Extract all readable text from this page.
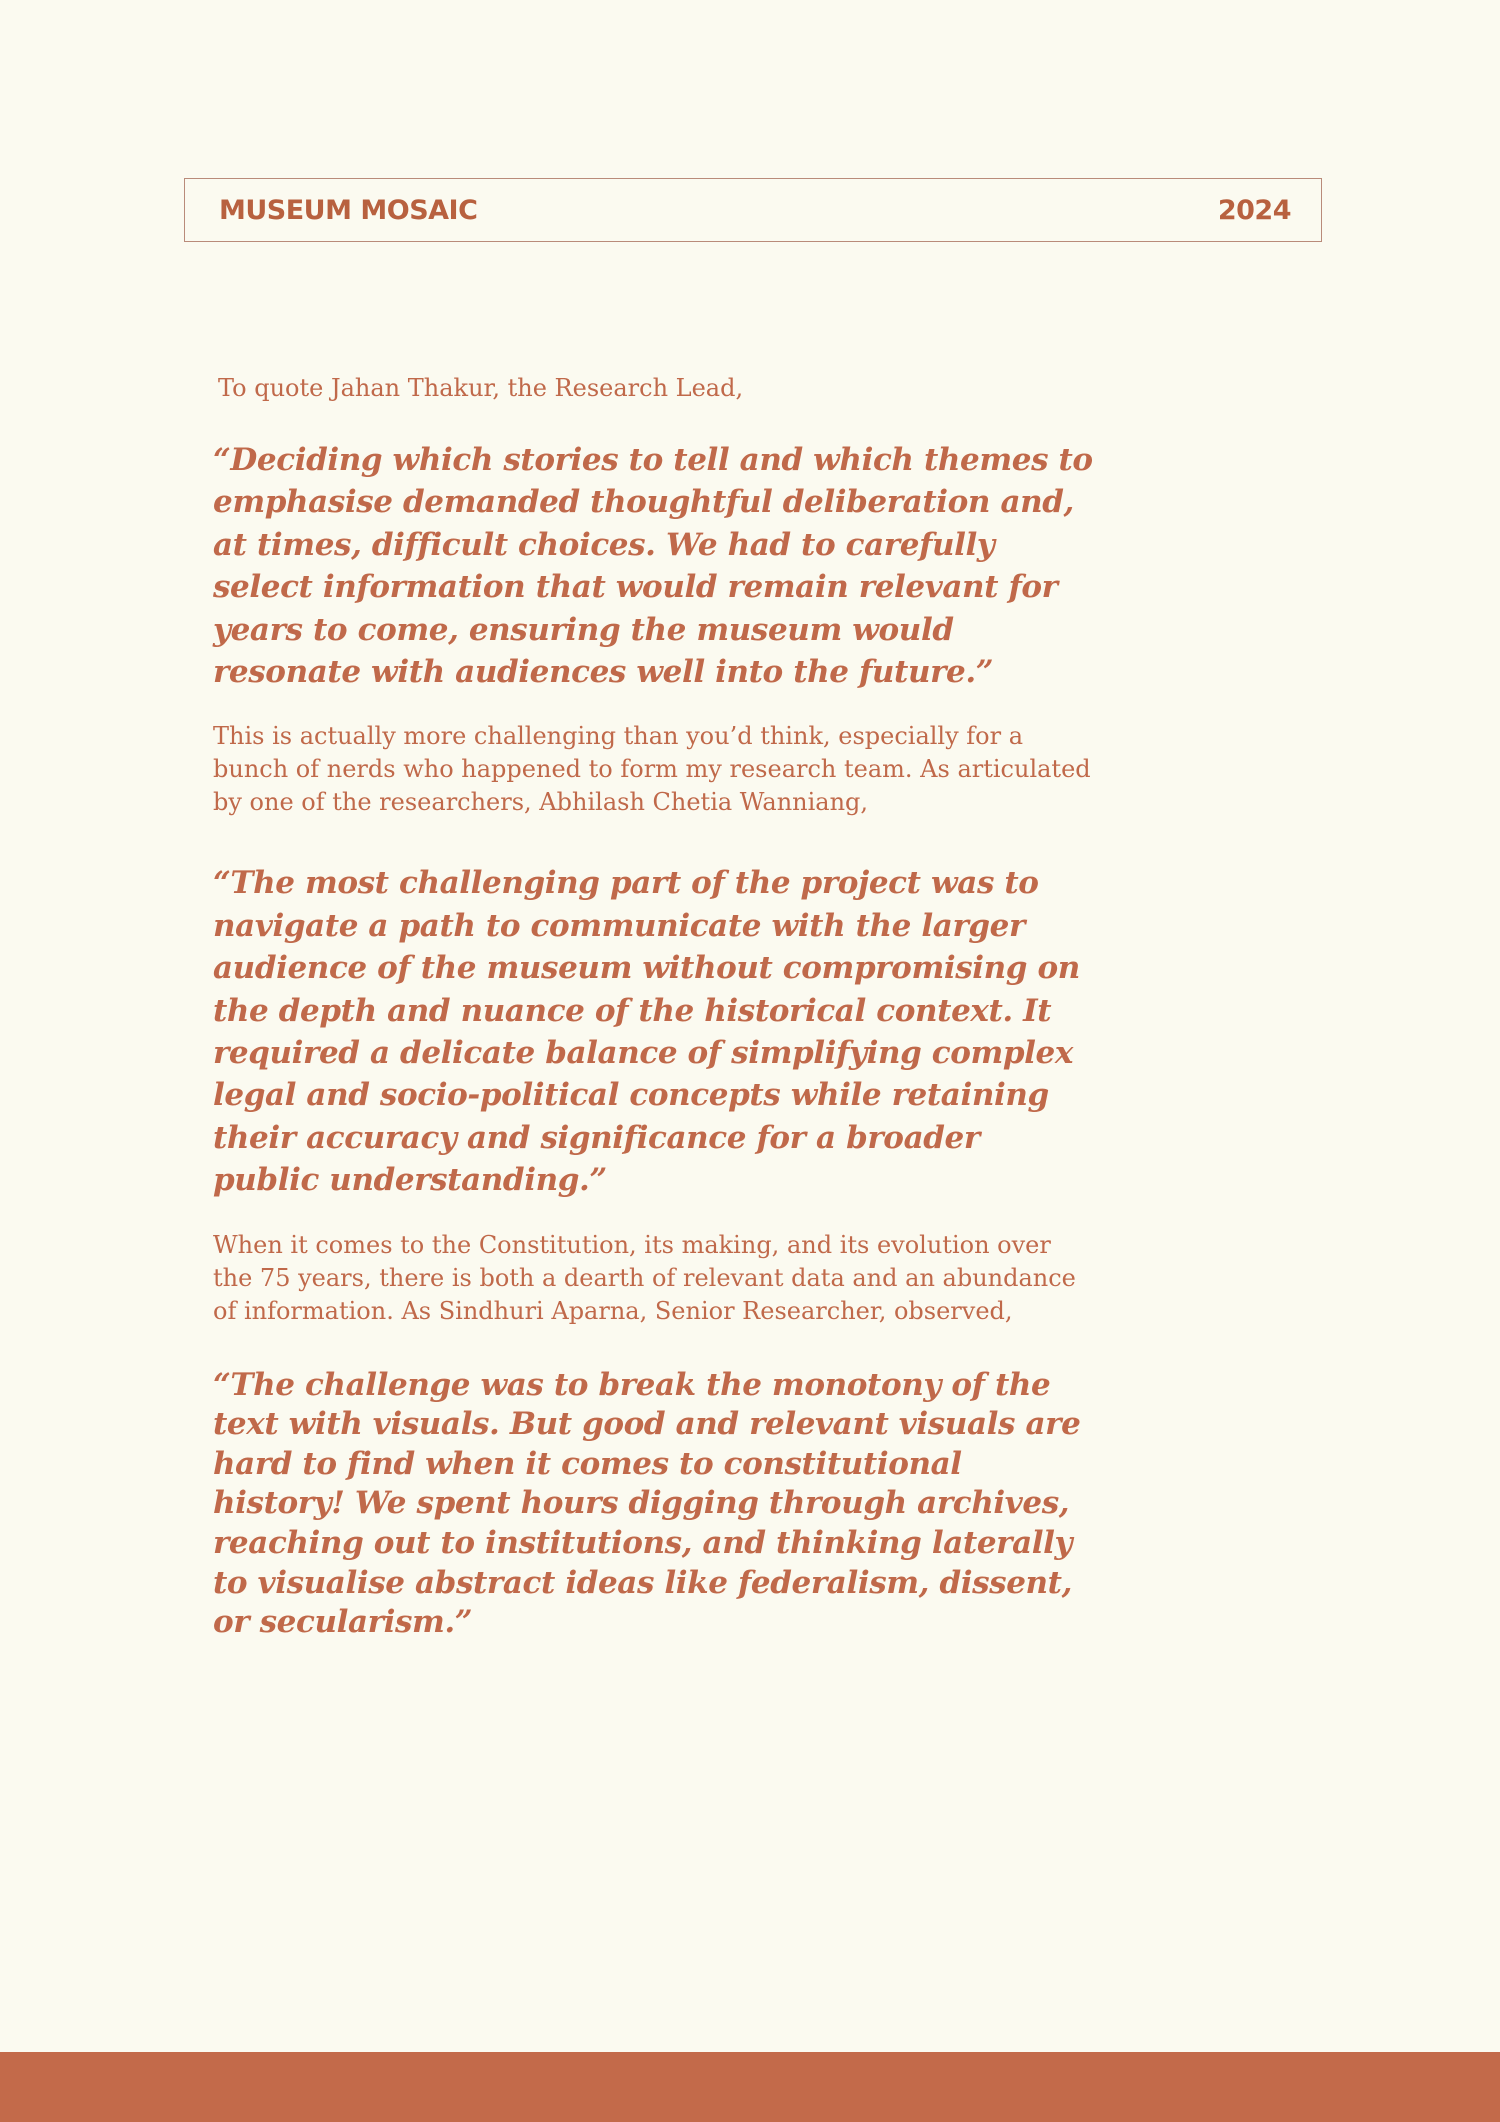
MUSEUM MOSAIC	2024

To quote Jahan Thakur, the Research Lead,

“Deciding which stories to tell and which themes to emphasise demanded thoughtful deliberation and, at times, difficult choices. We had to carefully select information that would remain relevant for years to come, ensuring the museum would resonate with audiences well into the future.”

This is actually more challenging than you’d think, especially for a bunch of nerds who happened to form my research team. As articulated by one of the researchers, Abhilash Chetia Wanniang,

“The most challenging part of the project was to navigate a path to communicate with the larger audience of the museum without compromising on the depth and nuance of the historical context. It required a delicate balance of simplifying complex legal and socio-political concepts while retaining their accuracy and significance for a broader public understanding.”

When it comes to the Constitution, its making, and its evolution over the 75 years, there is both a dearth of relevant data and an abundance of information. As Sindhuri Aparna, Senior Researcher, observed,

“The challenge was to break the monotony of the text with visuals. But good and relevant visuals are hard to find when it comes to constitutional history! We spent hours digging through archives, reaching out to institutions, and thinking laterally to visualise abstract ideas like federalism, dissent, or secularism.”
